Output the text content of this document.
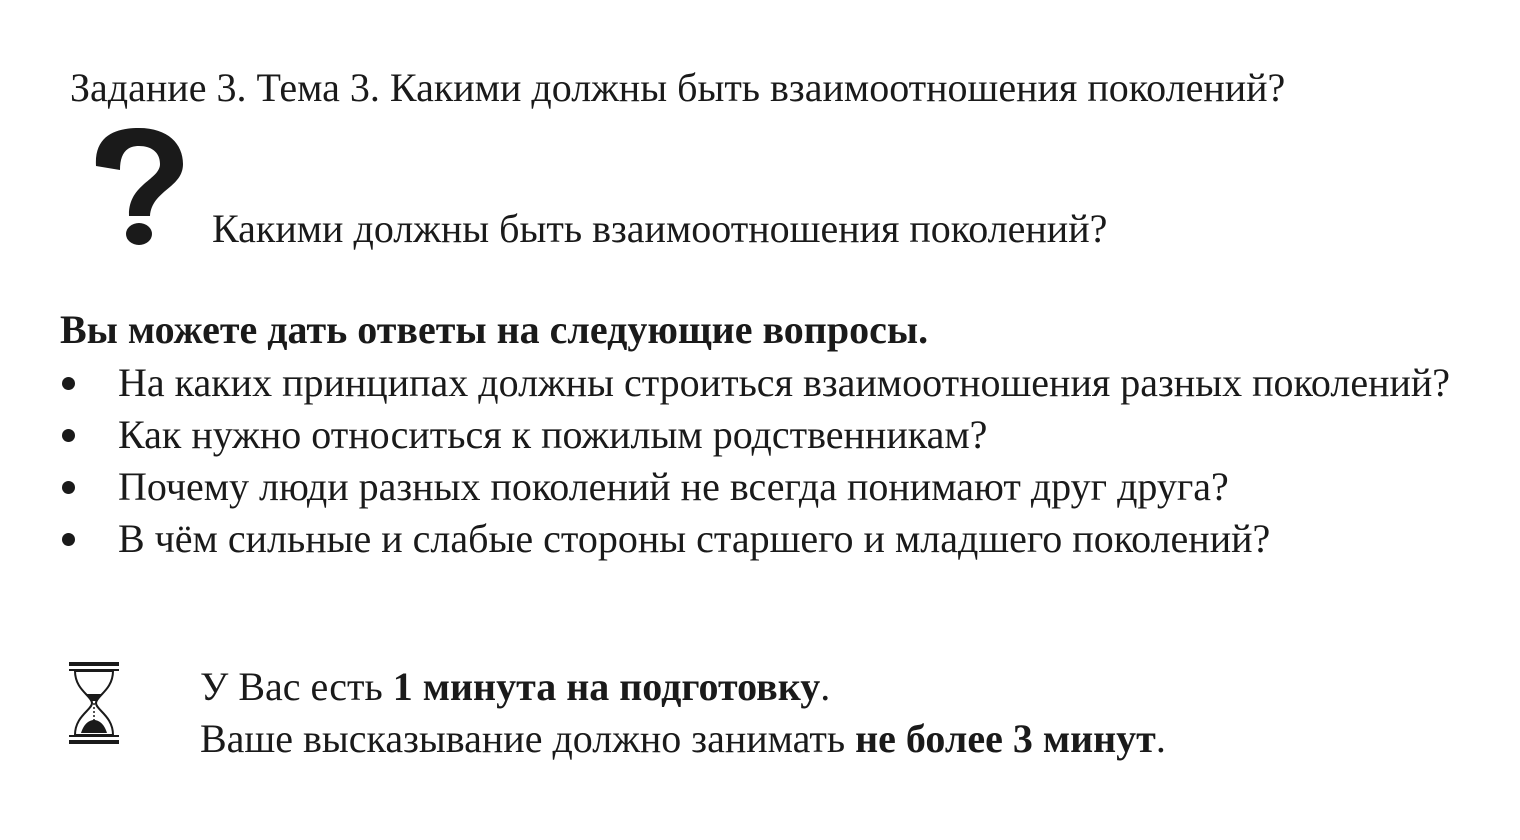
Задание 3. Тема 3. Какими должны быть взаимоотношения поколений?
Какими должны быть взаимоотношения поколений?
Вы можете дать ответы на следующие вопросы.
На каких принципах должны строиться взаимоотношения разных поколений?
Как нужно относиться к пожилым родственникам?
Почему люди разных поколений не всегда понимают друг друга?
В чём сильные и слабые стороны старшего и младшего поколений?
У Вас есть 1 минута на подготовку.
Ваше высказывание должно занимать не более 3 минут.
